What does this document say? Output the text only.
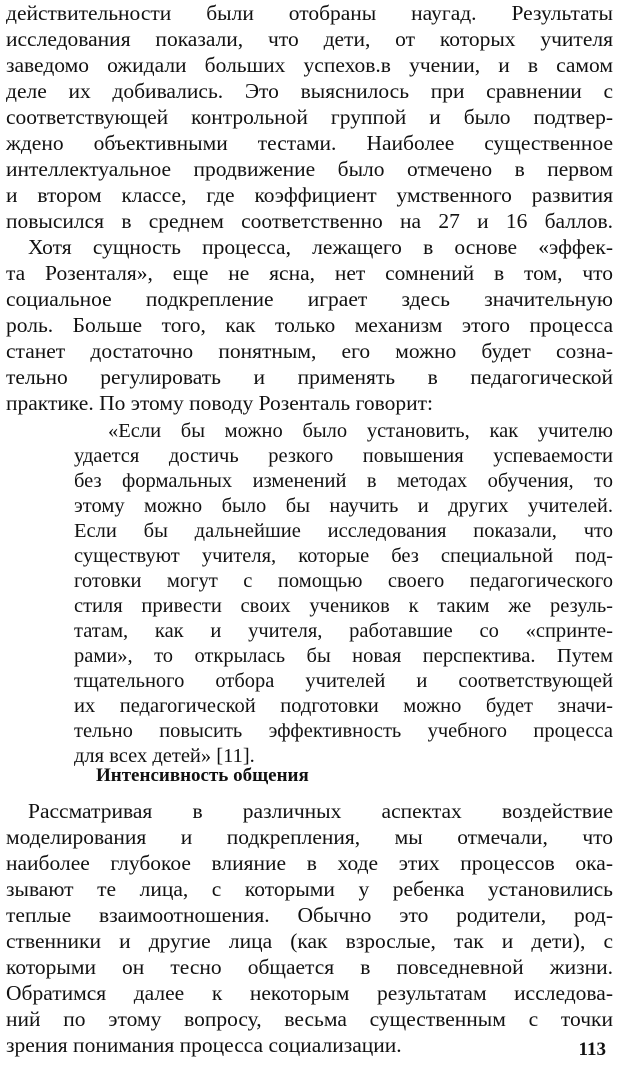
действительности были отобраны наугад. Результаты
исследования показали, что дети, от которых учителя
заведомо ожидали больших успехов.в учении, и в самом
деле их добивались. Это выяснилось при сравнении с
соответствующей контрольной группой и было подтвер-
ждено объективными тестами. Наиболее существенное
интеллектуальное продвижение было отмечено в первом
и втором классе, где коэффициент умственного развития
повысился в среднем соответственно на 27 и 16 баллов.
Хотя сущность процесса, лежащего в основе «эффек-
та Розенталя», еще не ясна, нет сомнений в том, что
социальное подкрепление играет здесь значительную
роль. Больше того, как только механизм этого процесса
станет достаточно понятным, его можно будет созна-
тельно регулировать и применять в педагогической
практике. По этому поводу Розенталь говорит:
«Если бы можно было установить, как учителю
удается достичь резкого повышения успеваемости
без формальных изменений в методах обучения, то
этому можно было бы научить и других учителей.
Если бы дальнейшие исследования показали, что
существуют учителя, которые без специальной под-
готовки могут с помощью своего педагогического
стиля привести своих учеников к таким же резуль-
татам, как и учителя, работавшие со «спринте-
рами», то открылась бы новая перспектива. Путем
тщательного отбора учителей и соответствующей
их педагогической подготовки можно будет значи-
тельно повысить эффективность учебного процесса
для всех детей» [11].
Интенсивность общения
Рассматривая в различных аспектах воздействие
моделирования и подкрепления, мы отмечали, что
наиболее глубокое влияние в ходе этих процессов ока-
зывают те лица, с которыми у ребенка установились
теплые взаимоотношения. Обычно это родители, род-
ственники и другие лица (как взрослые, так и дети), с
которыми он тесно общается в повседневной жизни.
Обратимся далее к некоторым результатам исследова-
ний по этому вопросу, весьма существенным с точки
зрения понимания процесса социализации.	113
